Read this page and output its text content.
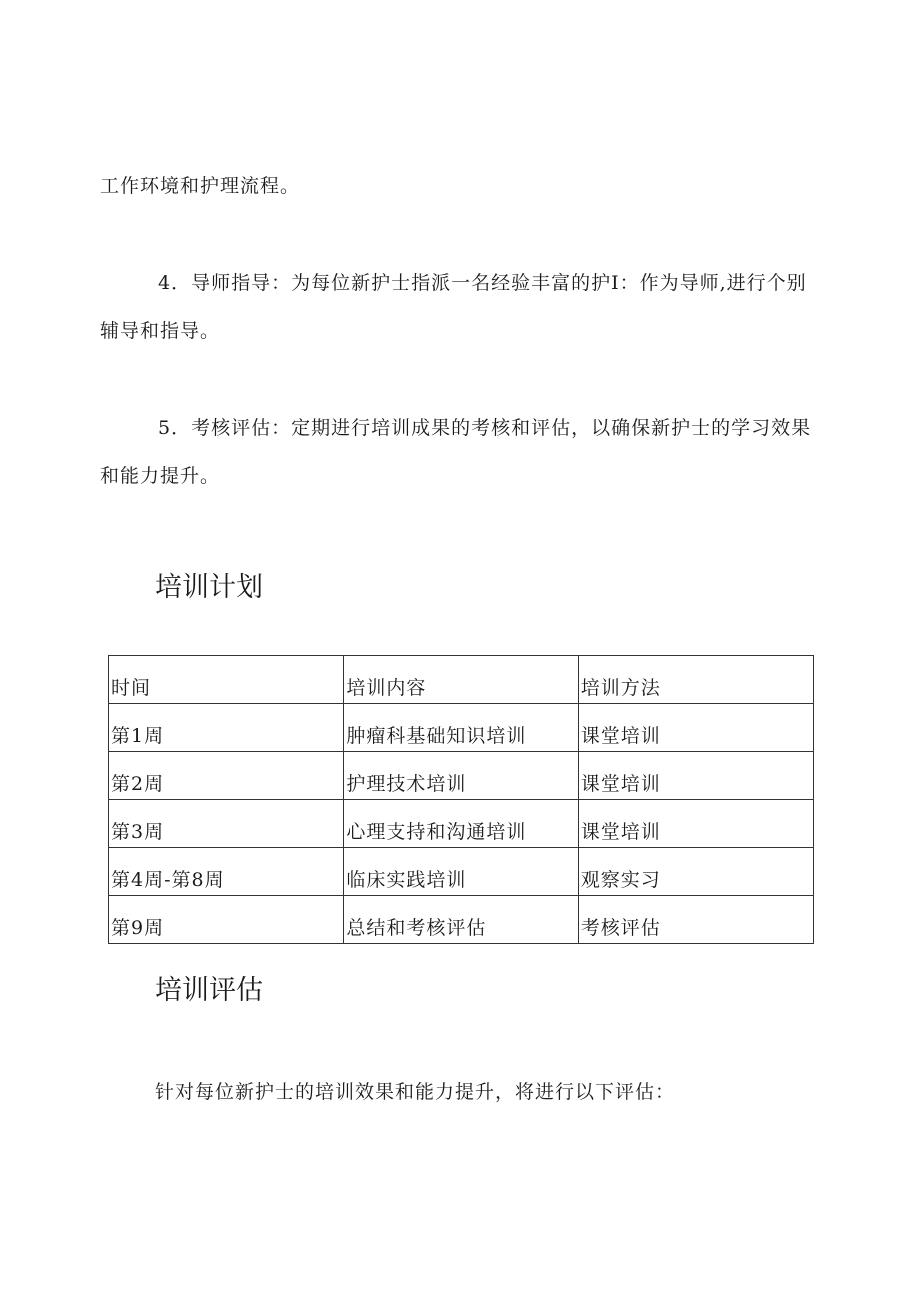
工作环境和护理流程。

4．导师指导：为每位新护士指派一名经验丰富的护I：作为导师,进行个别辅导和指导。

5．考核评估：定期进行培训成果的考核和评估，以确保新护士的学习效果和能力提升。

培训计划
时间	培训内容	培训方法
第1周	肿瘤科基础知识培训	课堂培训
第2周	护理技术培训	课堂培训
第3周	心理支持和沟通培训	课堂培训
第4周-第8周	临床实践培训	观察实习
第9周	总结和考核评估	考核评估
培训评估

针对每位新护士的培训效果和能力提升，将进行以下评估：
